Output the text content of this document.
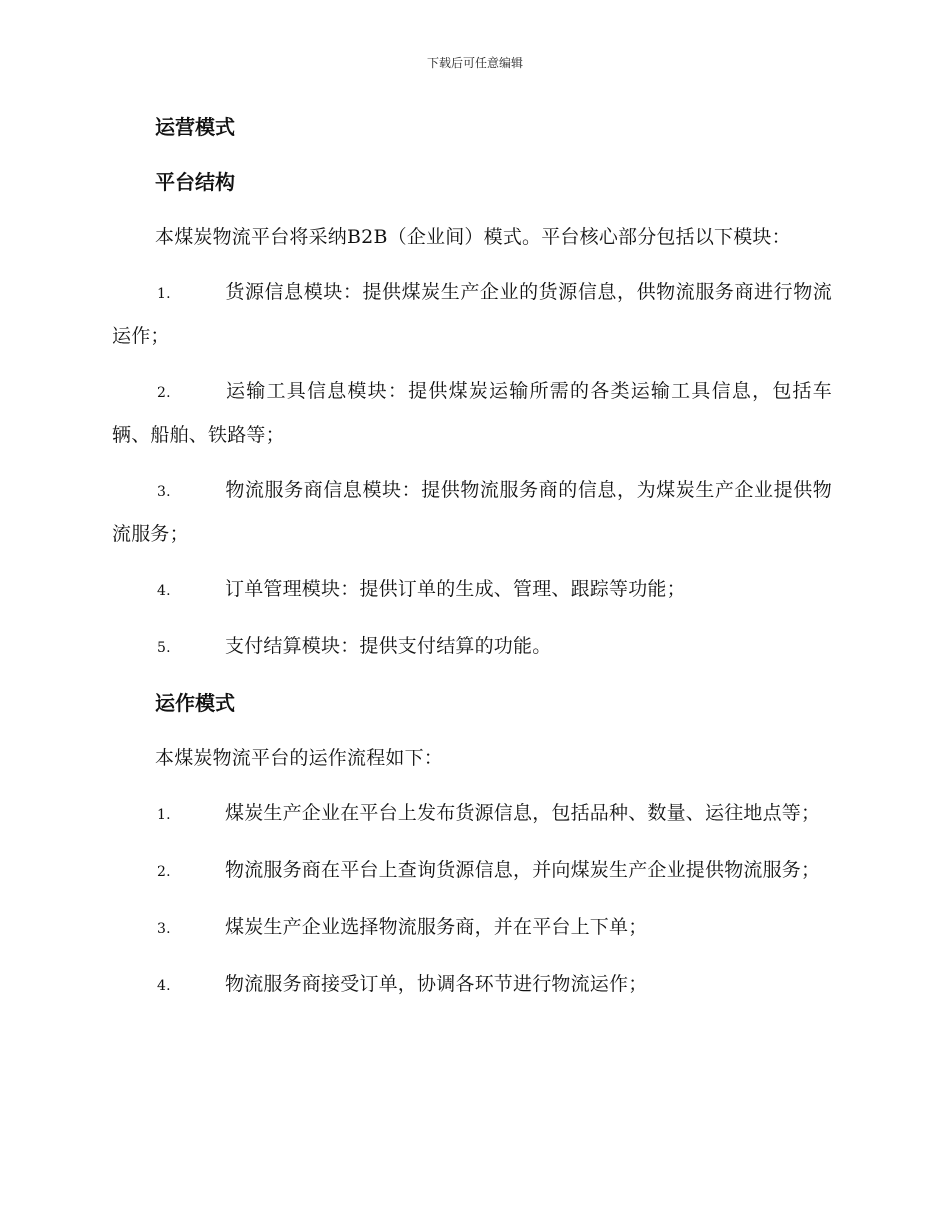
下载后可任意编辑
运营模式
平台结构
本煤炭物流平台将采纳B2B（企业间）模式。平台核心部分包括以下模块：
1.	货源信息模块：提供煤炭生产企业的货源信息，供物流服务商进行物流运作；
2.	运输工具信息模块：提供煤炭运输所需的各类运输工具信息，包括车辆、船舶、铁路等；
3.	物流服务商信息模块：提供物流服务商的信息，为煤炭生产企业提供物流服务；
4.	订单管理模块：提供订单的生成、管理、跟踪等功能；
5.	支付结算模块：提供支付结算的功能。
运作模式
本煤炭物流平台的运作流程如下：
1.	煤炭生产企业在平台上发布货源信息，包括品种、数量、运往地点等；
2.	物流服务商在平台上查询货源信息，并向煤炭生产企业提供物流服务；
3.	煤炭生产企业选择物流服务商，并在平台上下单；
4.	物流服务商接受订单，协调各环节进行物流运作；
